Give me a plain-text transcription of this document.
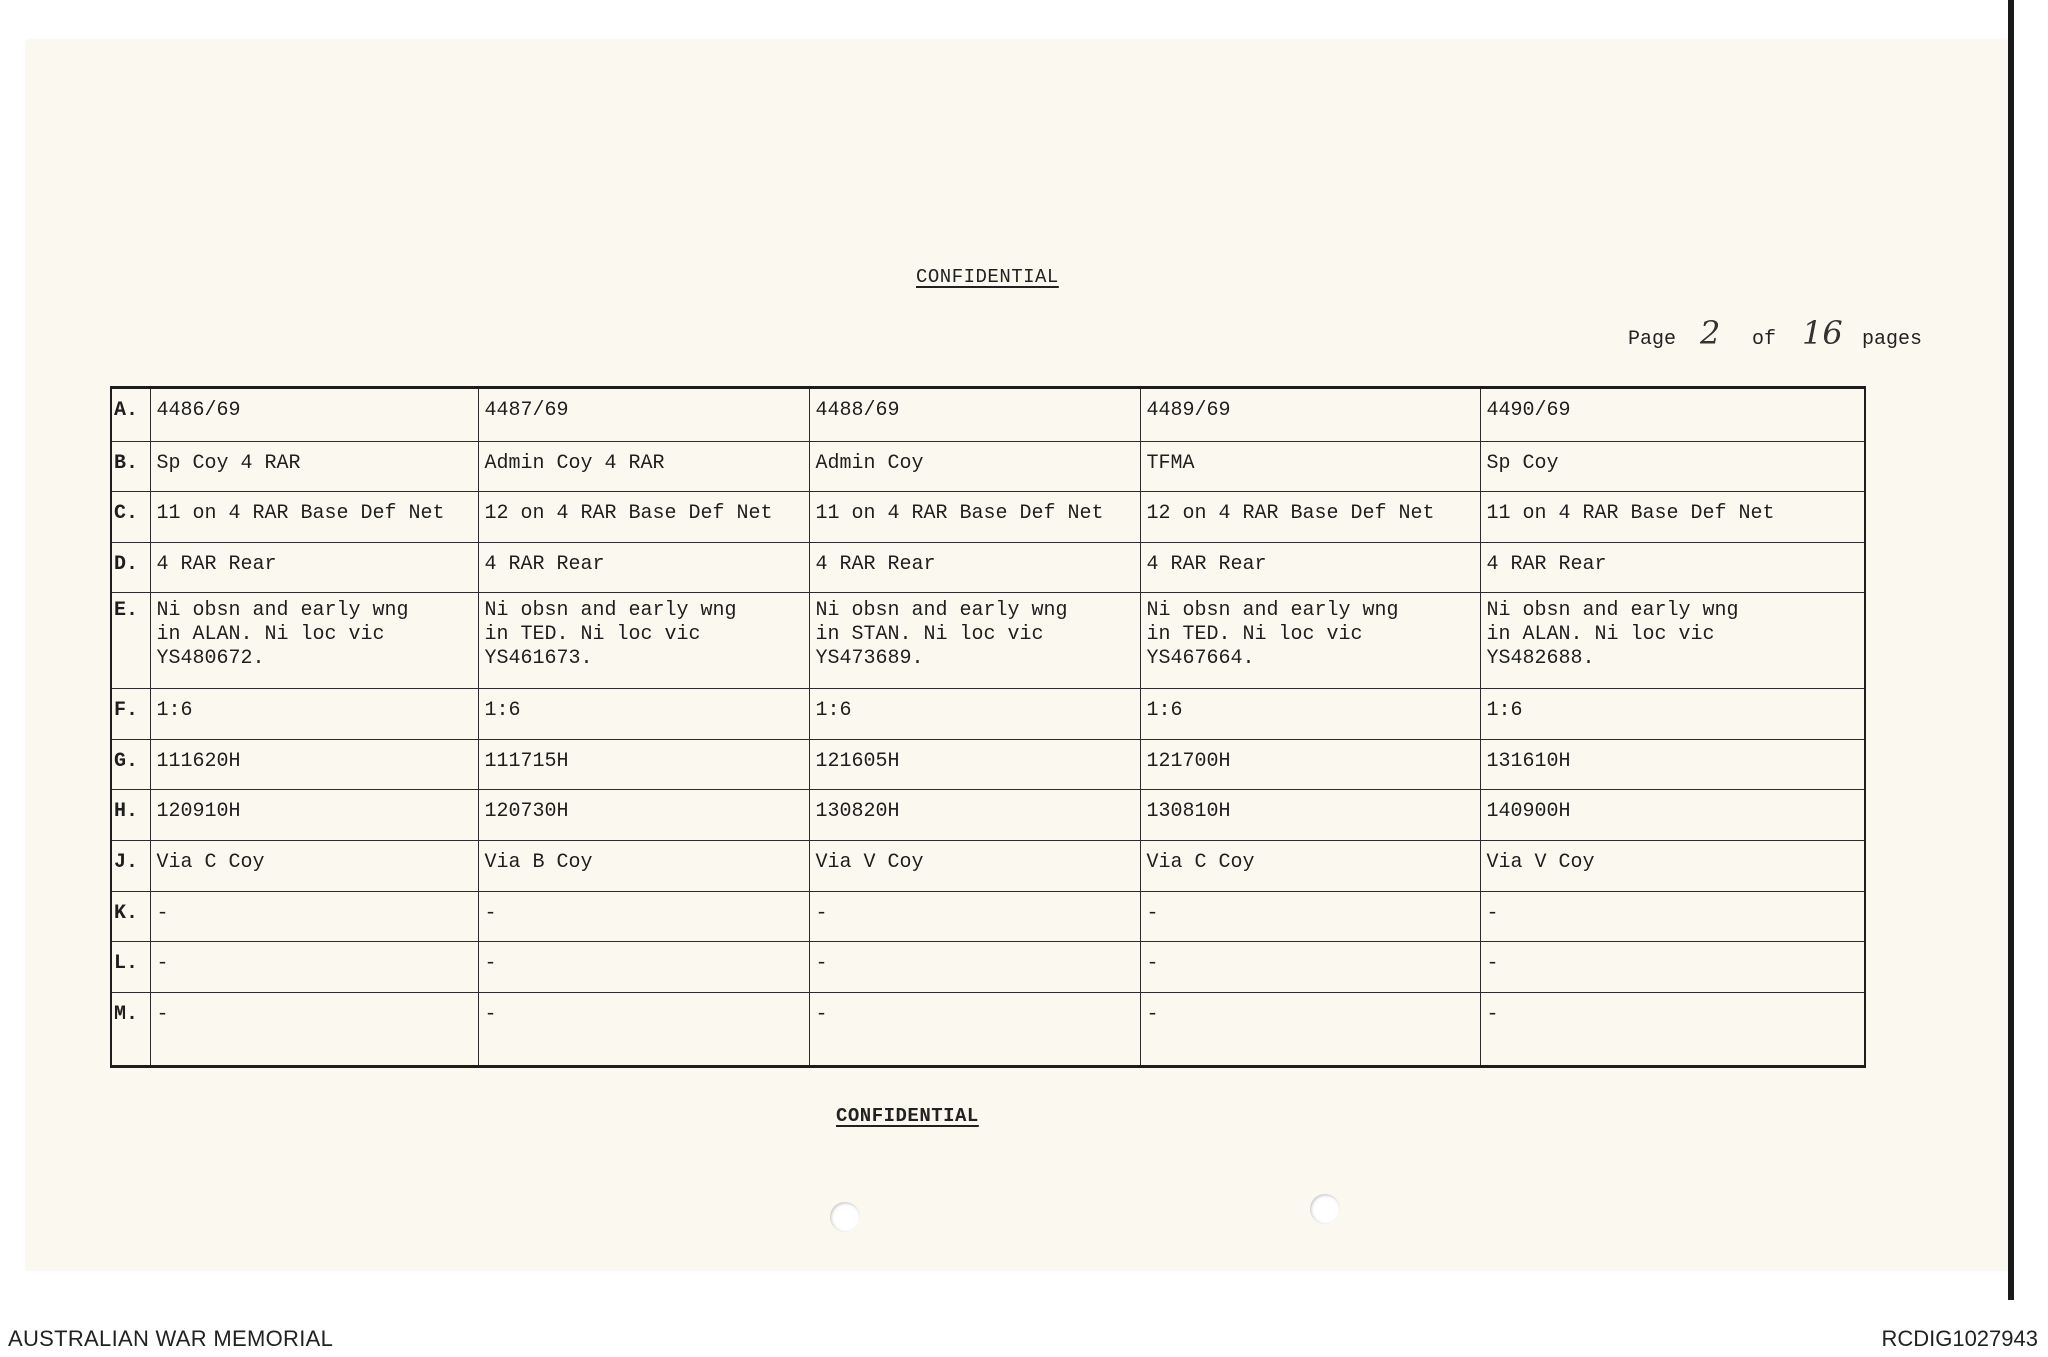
CONFIDENTIAL
Page 2	of 16 pages
A.	4486/69	4487/69	4488/69	4489/69	4490/69
B.	Sp Coy 4 RAR	Admin Coy 4 RAR	Admin Coy	TFMA	Sp Coy
C.	11 on 4 RAR Base Def Net	12 on 4 RAR Base Def Net	11 on 4 RAR Base Def Net	12 on 4 RAR Base Def Net	11 on 4 RAR Base Def Net
D.	4 RAR Rear	4 RAR Rear	4 RAR Rear	4 RAR Rear	4 RAR Rear
E.	Ni obsn and early wng
in ALAN. Ni loc vic
YS480672.	Ni obsn and early wng
in TED. Ni loc vic
YS461673.	Ni obsn and early wng
in STAN. Ni loc vic
YS473689.	Ni obsn and early wng
in TED. Ni loc vic
YS467664.	Ni obsn and early wng
in ALAN. Ni loc vic
YS482688.
F.	1:6	1:6	1:6	1:6	1:6
G.	111620H	111715H	121605H	121700H	131610H
H.	120910H	120730H	130820H	130810H	140900H
J.	Via C Coy	Via B Coy	Via V Coy	Via C Coy	Via V Coy
K.	-	-	-	-	-
L.	-	-	-	-	-
M.	-	-	-	-	-
CONFIDENTIAL
AUSTRALIAN WAR MEMORIAL	RCDIG1027943
